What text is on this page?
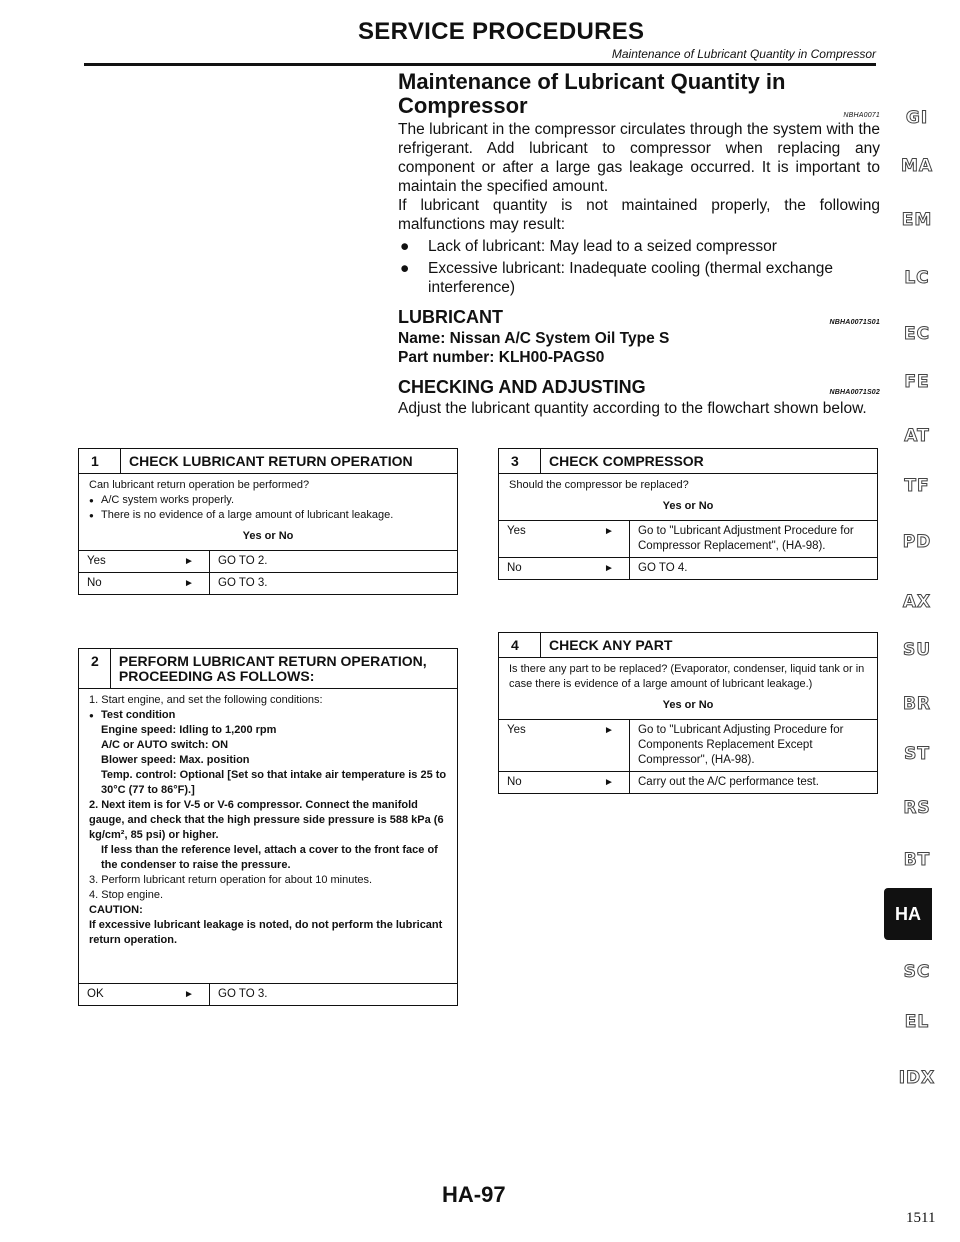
SERVICE PROCEDURES
Maintenance of Lubricant Quantity in Compressor
Maintenance of Lubricant Quantity in
Compressor	NBHA0071

The lubricant in the compressor circulates through the system with the refrigerant. Add lubricant to compressor when replacing any component or after a large gas leakage occurred. It is important to maintain the specified amount.

If lubricant quantity is not maintained properly, the following malfunctions may result:

● Lack of lubricant: May lead to a seized compressor
● Excessive lubricant: Inadequate cooling (thermal exchange interference)
LUBRICANT	NBHA0071S01
Name: Nissan A/C System Oil Type S
Part number: KLH00-PAGS0
CHECKING AND ADJUSTING	NBHA0071S02

Adjust the lubricant quantity according to the flowchart shown below.

1	CHECK LUBRICANT RETURN OPERATION
Can lubricant return operation be performed?
● A/C system works properly.
● There is no evidence of a large amount of lubricant leakage.
Yes or No
Yes	►	GO TO 2.
No	►	GO TO 3.
2	PERFORM LUBRICANT RETURN OPERATION, PROCEEDING AS FOLLOWS:
1. Start engine, and set the following conditions:
● Test condition
Engine speed: Idling to 1,200 rpm
A/C or AUTO switch: ON
Blower speed: Max. position
Temp. control: Optional [Set so that intake air temperature is 25 to 30°C (77 to 86°F).]
2. Next item is for V-5 or V-6 compressor. Connect the manifold gauge, and check that the high pressure side pressure is 588 kPa (6 kg/cm², 85 psi) or higher.
If less than the reference level, attach a cover to the front face of the condenser to raise the pressure.
3. Perform lubricant return operation for about 10 minutes.
4. Stop engine.
CAUTION:
If excessive lubricant leakage is noted, do not perform the lubricant return operation.
OK	►	GO TO 3.
3	CHECK COMPRESSOR
Should the compressor be replaced?
Yes or No
Yes	►	Go to "Lubricant Adjustment Procedure for Compressor Replacement", (HA-98).
No	►	GO TO 4.
4	CHECK ANY PART
Is there any part to be replaced? (Evaporator, condenser, liquid tank or in case there is evidence of a large amount of lubricant leakage.)
Yes or No
Yes	►	Go to "Lubricant Adjusting Procedure for Components Replacement Except Compressor", (HA-98).
No	►	Carry out the A/C performance test.
GI
MA
EM
LC
EC
FE
AT
TF
PD
AX
SU
BR
ST
RS
BT
HA
SC
EL
IDX
HA-97
1511
